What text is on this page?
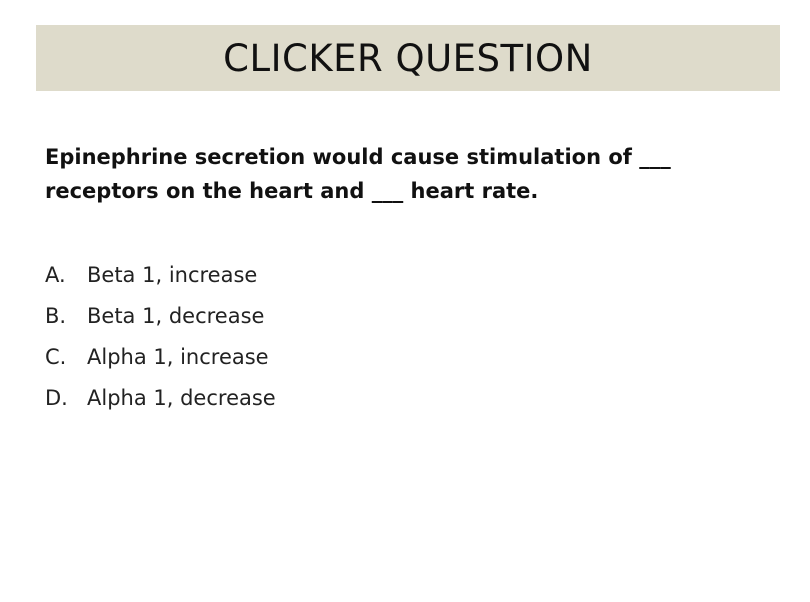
CLICKER QUESTION
Epinephrine secretion would cause stimulation of ___
receptors on the heart and ___ heart rate.
A.	Beta 1, increase
B. Beta 1, decrease
C. Alpha 1, increase
D. Alpha 1, decrease
